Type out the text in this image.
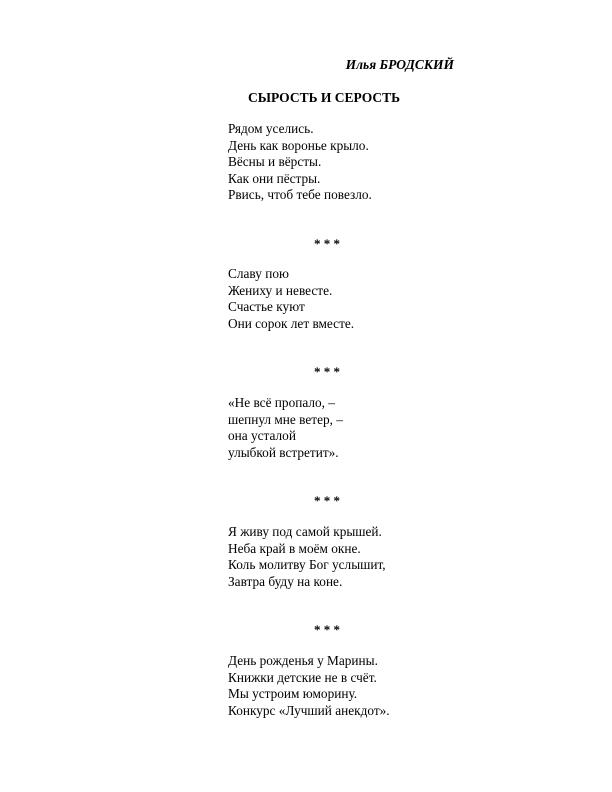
Илья БРОДСКИЙ
СЫРОСТЬ И СЕРОСТЬ
Рядом уселись.
День как воронье крыло.
Вёсны и вёрсты.
Как они пёстры.
Рвись, чтоб тебе повезло.
* * *
Славу пою
Жениху и невесте.
Счастье куют
Они сорок лет вместе.
* * *
«Не всё пропало, –
шепнул мне ветер, –
она усталой
улыбкой встретит».
* * *
Я живу под самой крышей.
Неба край в моём окне.
Коль молитву Бог услышит,
Завтра буду на коне.
* * *
День рожденья у Марины.
Книжки детские не в счёт.
Мы устроим юморину.
Конкурс «Лучший анекдот».
